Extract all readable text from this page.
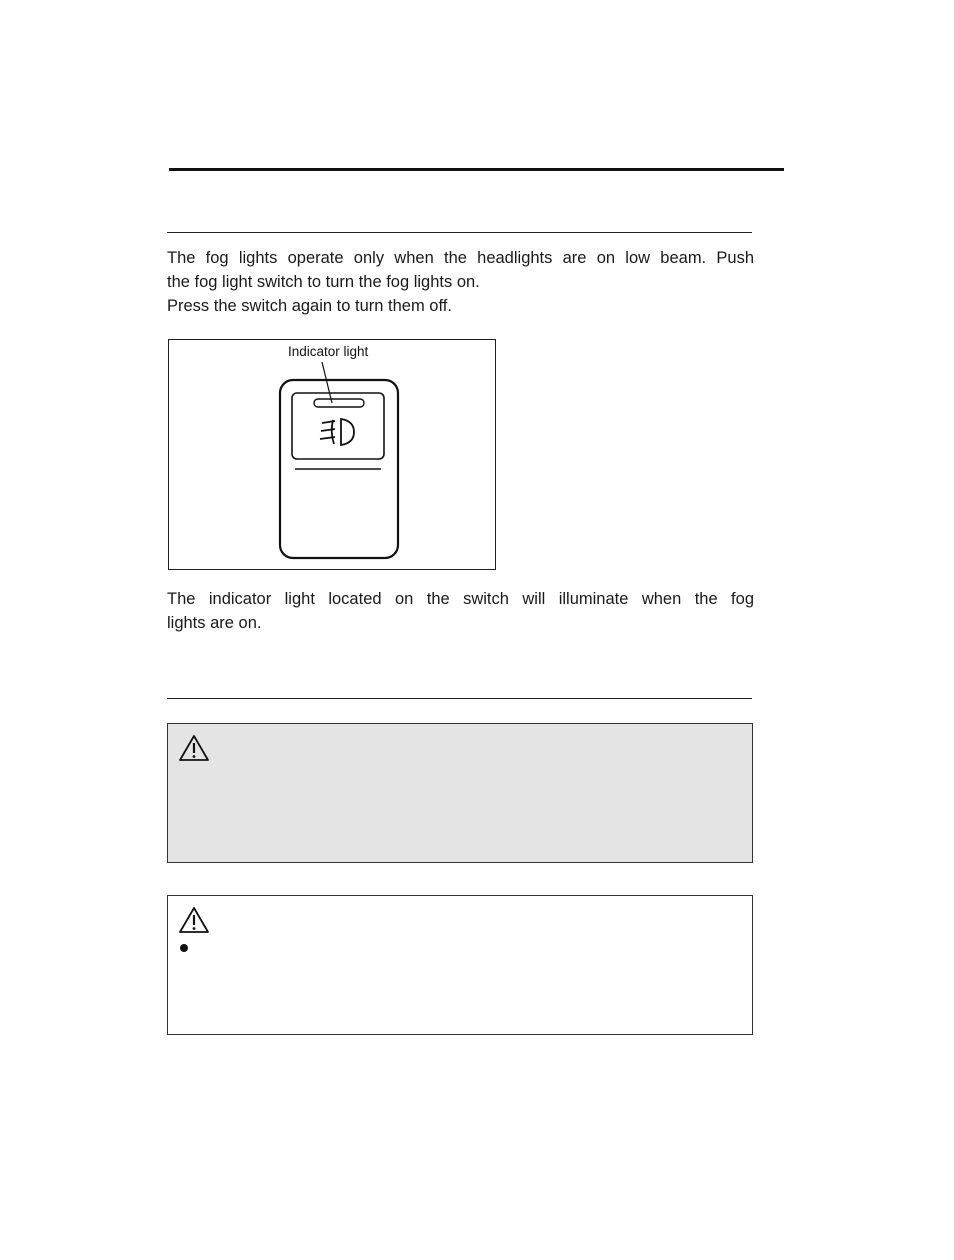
The fog lights operate only when the headlights are on low beam. Push
the fog light switch to turn the fog lights on.
Press the switch again to turn them off.

Indicator light

The indicator light located on the switch will illuminate when the fog
lights are on.
